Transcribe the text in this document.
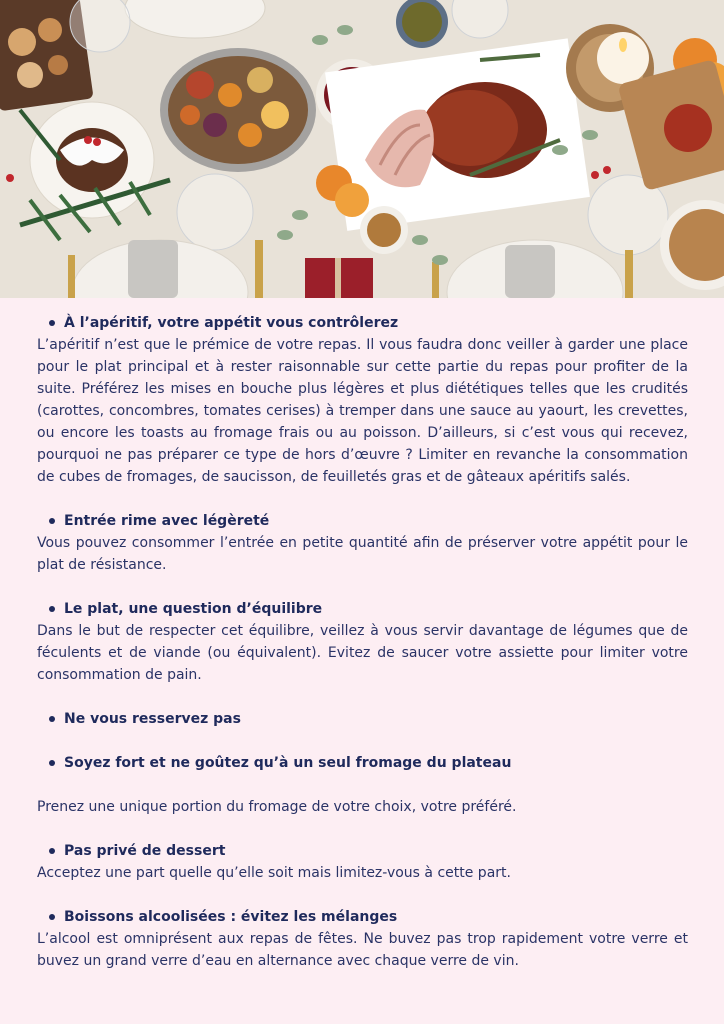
À l’apéritif, votre appétit vous contrôlerez

L’apéritif n’est que le prémice de votre repas. Il vous faudra donc veiller à garder une place pour le plat principal et à rester raisonnable sur cette partie du repas pour profiter de la suite. Préférez les mises en bouche plus légères et plus diététiques telles que les crudités (carottes, concombres, tomates cerises) à tremper dans une sauce au yaourt, les crevettes, ou encore les toasts au fromage frais ou au poisson. D’ailleurs, si c’est vous qui recevez, pourquoi ne pas préparer ce type de hors d’œuvre ? Limiter en revanche la consommation de cubes de fromages, de saucisson, de feuilletés gras et de gâteaux apéritifs salés.

Entrée rime avec légèreté

Vous pouvez consommer l’entrée en petite quantité afin de préserver votre appétit pour le plat de résistance.

Le plat, une question d’équilibre

Dans le but de respecter cet équilibre, veillez à vous servir davantage de légumes que de féculents et de viande (ou équivalent). Evitez de saucer votre assiette pour limiter votre consommation de pain.

Ne vous resservez pas
Soyez fort et ne goûtez qu’à un seul fromage du plateau

Prenez une unique portion du fromage de votre choix, votre préféré.

Pas privé de dessert

Acceptez une part quelle qu’elle soit mais limitez-vous à cette part.

Boissons alcoolisées : évitez les mélanges

L’alcool est omniprésent aux repas de fêtes. Ne buvez pas trop rapidement votre verre et buvez un grand verre d’eau en alternance avec chaque verre de vin.
